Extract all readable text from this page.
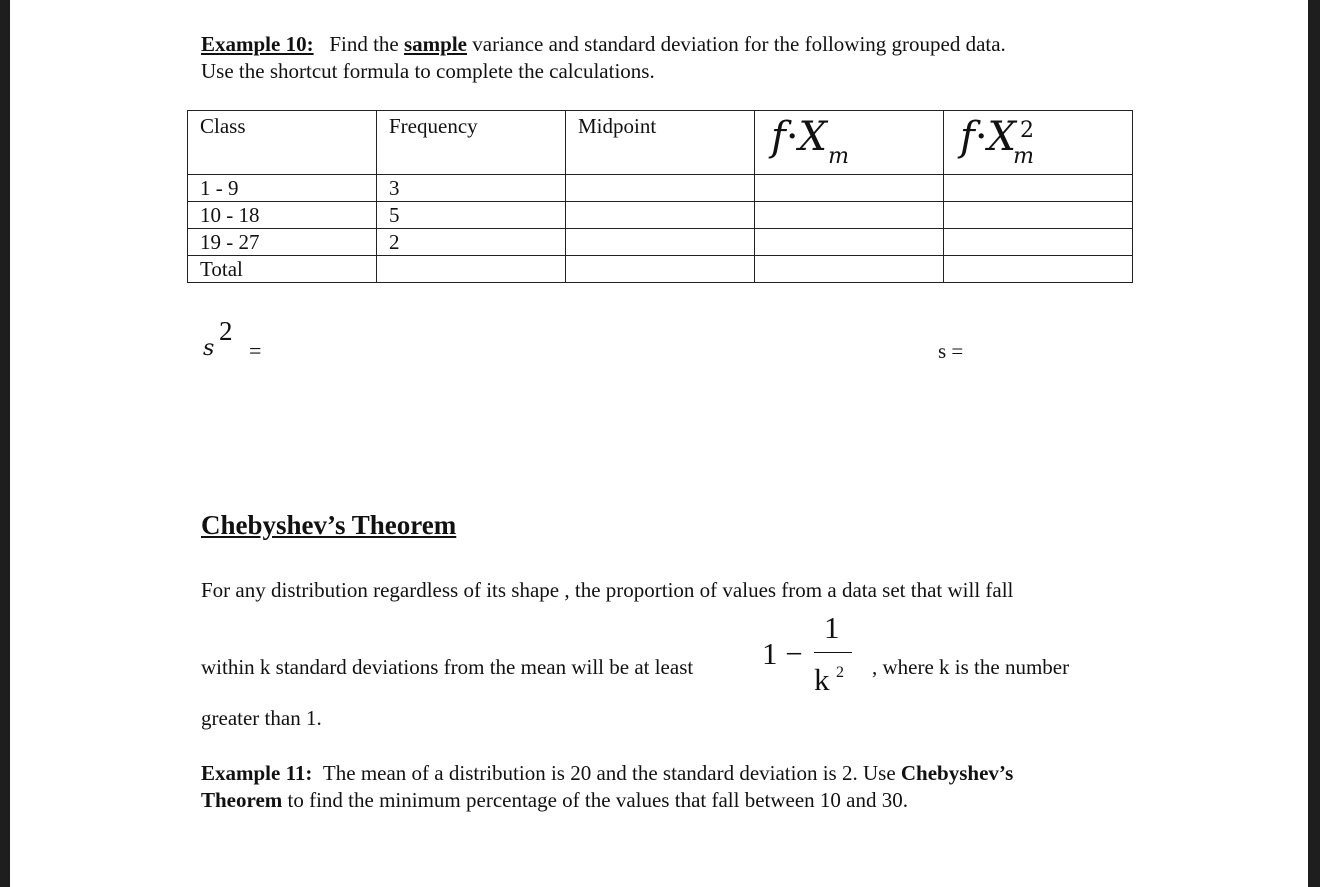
Example 10: Find the sample variance and standard deviation for the following grouped data.
Use the shortcut formula to complete the calculations.
Class	Frequency	Midpoint	f·X m	f·X 2
m

1 - 9	3			
10 - 18	5			
19 - 27	2			
Total				
s
2
=	s =
Chebyshev’s Theorem
For any distribution regardless of its shape , the proportion of values from a data set that will fall
within k standard deviations from the mean will be at least 1 −
1
k 2 , where k is the number
greater than 1.
Example 11: The mean of a distribution is 20 and the standard deviation is 2. Use Chebyshev’s
Theorem to find the minimum percentage of the values that fall between 10 and 30.
